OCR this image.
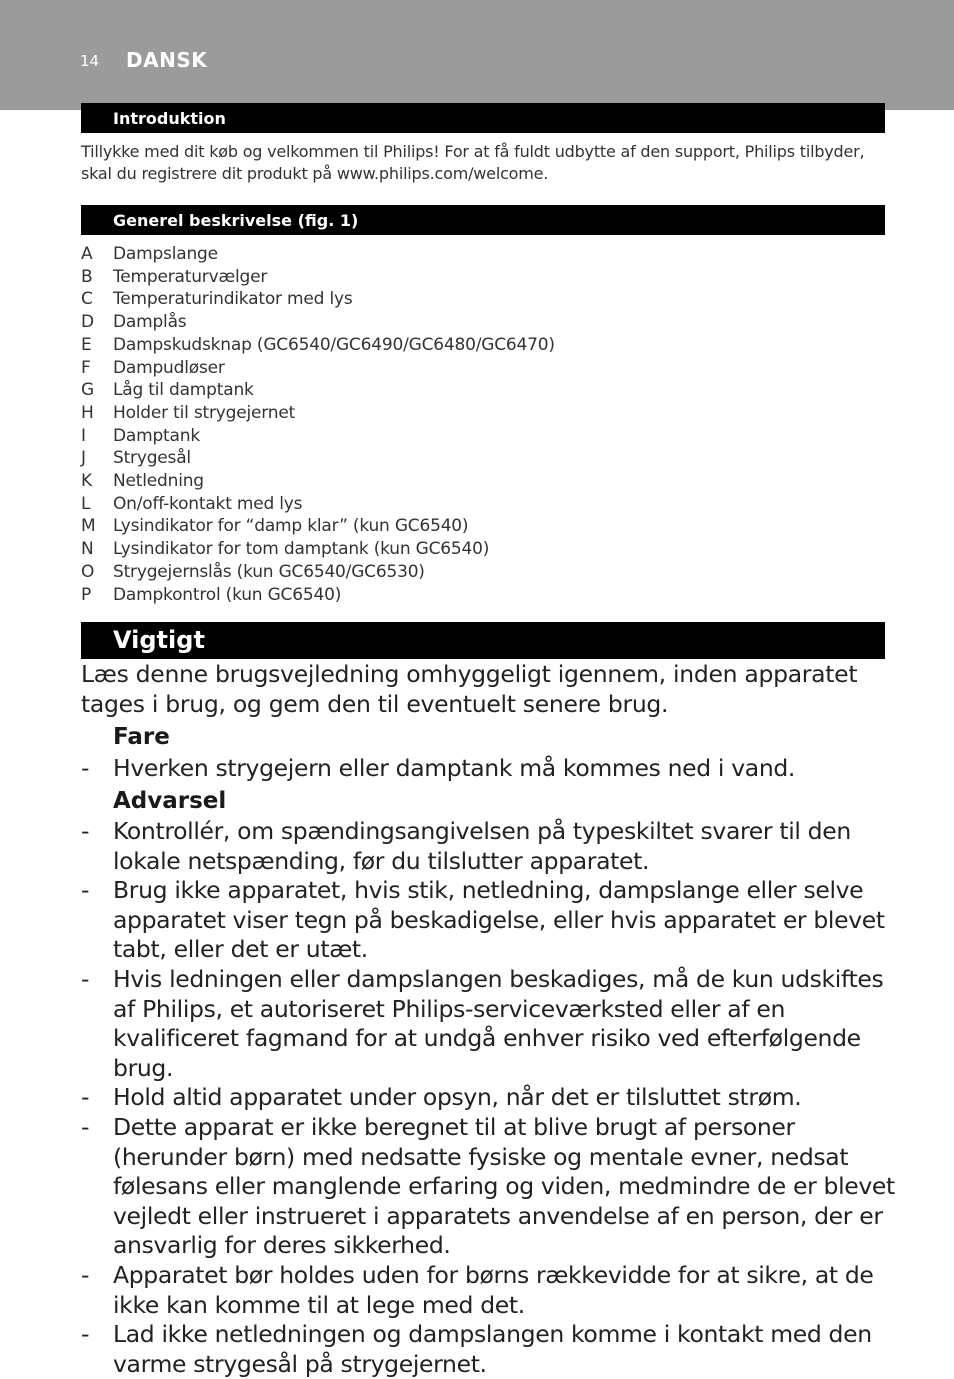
14 DANSK
Introduktion
Tillykke med dit køb og velkommen til Philips! For at få fuldt udbytte af den support, Philips tilbyder, skal du registrere dit produkt på www.philips.com/welcome.
Generel beskrivelse (fig. 1)
A Dampslange
B Temperaturvælger
C Temperaturindikator med lys
D Damplås
E Dampskudsknap (GC6540/GC6490/GC6480/GC6470)
F Dampudløser
G Låg til damptank
H Holder til strygejernet
I Damptank
J Strygesål
K Netledning
L On/off-kontakt med lys
M Lysindikator for “damp klar” (kun GC6540)
N Lysindikator for tom damptank (kun GC6540)
O Strygejernslås (kun GC6540/GC6530)
P Dampkontrol (kun GC6540)
Vigtigt
Læs denne brugsvejledning omhyggeligt igennem, inden apparatet tages i brug, og gem den til eventuelt senere brug.
Fare
- Hverken strygejern eller damptank må kommes ned i vand.
Advarsel
- Kontrollér, om spændingsangivelsen på typeskiltet svarer til den lokale netspænding, før du tilslutter apparatet.
- Brug ikke apparatet, hvis stik, netledning, dampslange eller selve apparatet viser tegn på beskadigelse, eller hvis apparatet er blevet tabt, eller det er utæt.
- Hvis ledningen eller dampslangen beskadiges, må de kun udskiftes af Philips, et autoriseret Philips-serviceværksted eller af en kvalificeret fagmand for at undgå enhver risiko ved efterfølgende brug.
- Hold altid apparatet under opsyn, når det er tilsluttet strøm.
- Dette apparat er ikke beregnet til at blive brugt af personer (herunder børn) med nedsatte fysiske og mentale evner, nedsat følesans eller manglende erfaring og viden, medmindre de er blevet vejledt eller instrueret i apparatets anvendelse af en person, der er ansvarlig for deres sikkerhed.
- Apparatet bør holdes uden for børns rækkevidde for at sikre, at de ikke kan komme til at lege med det.
- Lad ikke netledningen og dampslangen komme i kontakt med den varme strygesål på strygejernet.
